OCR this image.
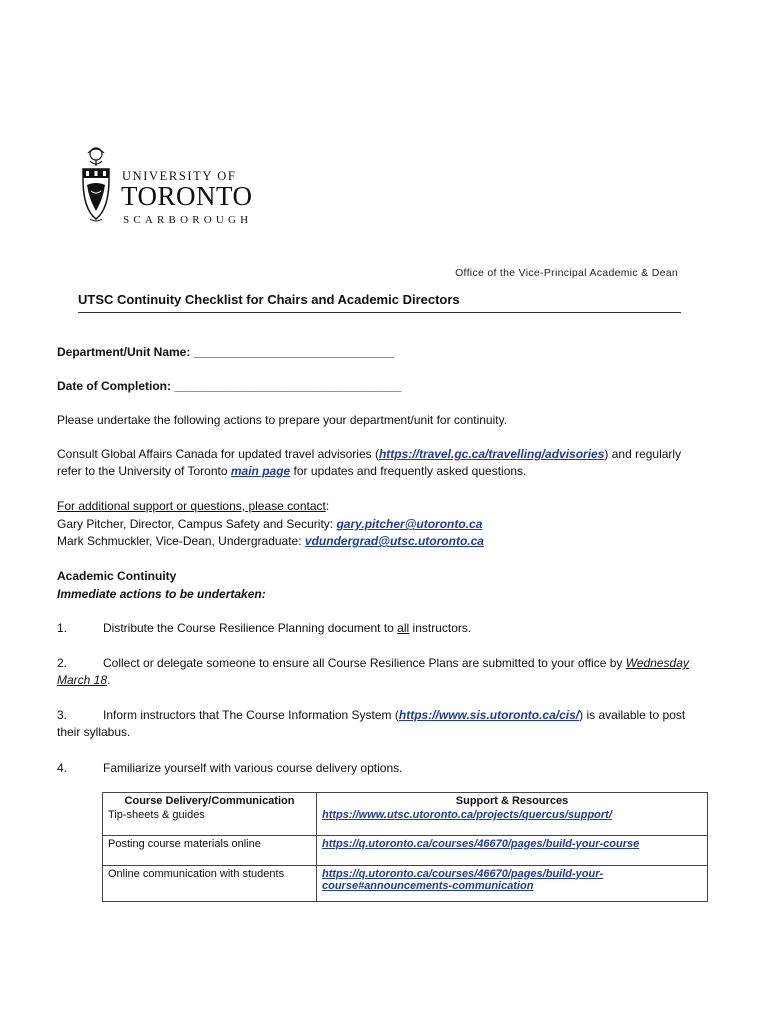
UNIVERSITY OF
TORONTO
SCARBOROUGH
Office of the Vice-Principal Academic & Dean
UTSC Continuity Checklist for Chairs and Academic Directors
Department/Unit Name: ______________________________
Date of Completion: __________________________________
Please undertake the following actions to prepare your department/unit for continuity.
Consult Global Affairs Canada for updated travel advisories (https://travel.gc.ca/travelling/advisories) and regularly
refer to the University of Toronto main page for updates and frequently asked questions.
For additional support or questions, please contact:
Gary Pitcher, Director, Campus Safety and Security: gary.pitcher@utoronto.ca
Mark Schmuckler, Vice-Dean, Undergraduate: vdundergrad@utsc.utoronto.ca
Academic Continuity
Immediate actions to be undertaken:
1.	Distribute the Course Resilience Planning document to all instructors.
2.	Collect or delegate someone to ensure all Course Resilience Plans are submitted to your office by Wednesday
March 18.
3.	Inform instructors that The Course Information System (https://www.sis.utoronto.ca/cis/) is available to post
their syllabus.
4.	Familiarize yourself with various course delivery options.
Course Delivery/Communication	Support & Resources
Tip-sheets & guides	https://www.utsc.utoronto.ca/projects/quercus/support/
Posting course materials online	https://q.utoronto.ca/courses/46670/pages/build-your-course
Online communication with students	https://q.utoronto.ca/courses/46670/pages/build-your-
course#announcements-communication
